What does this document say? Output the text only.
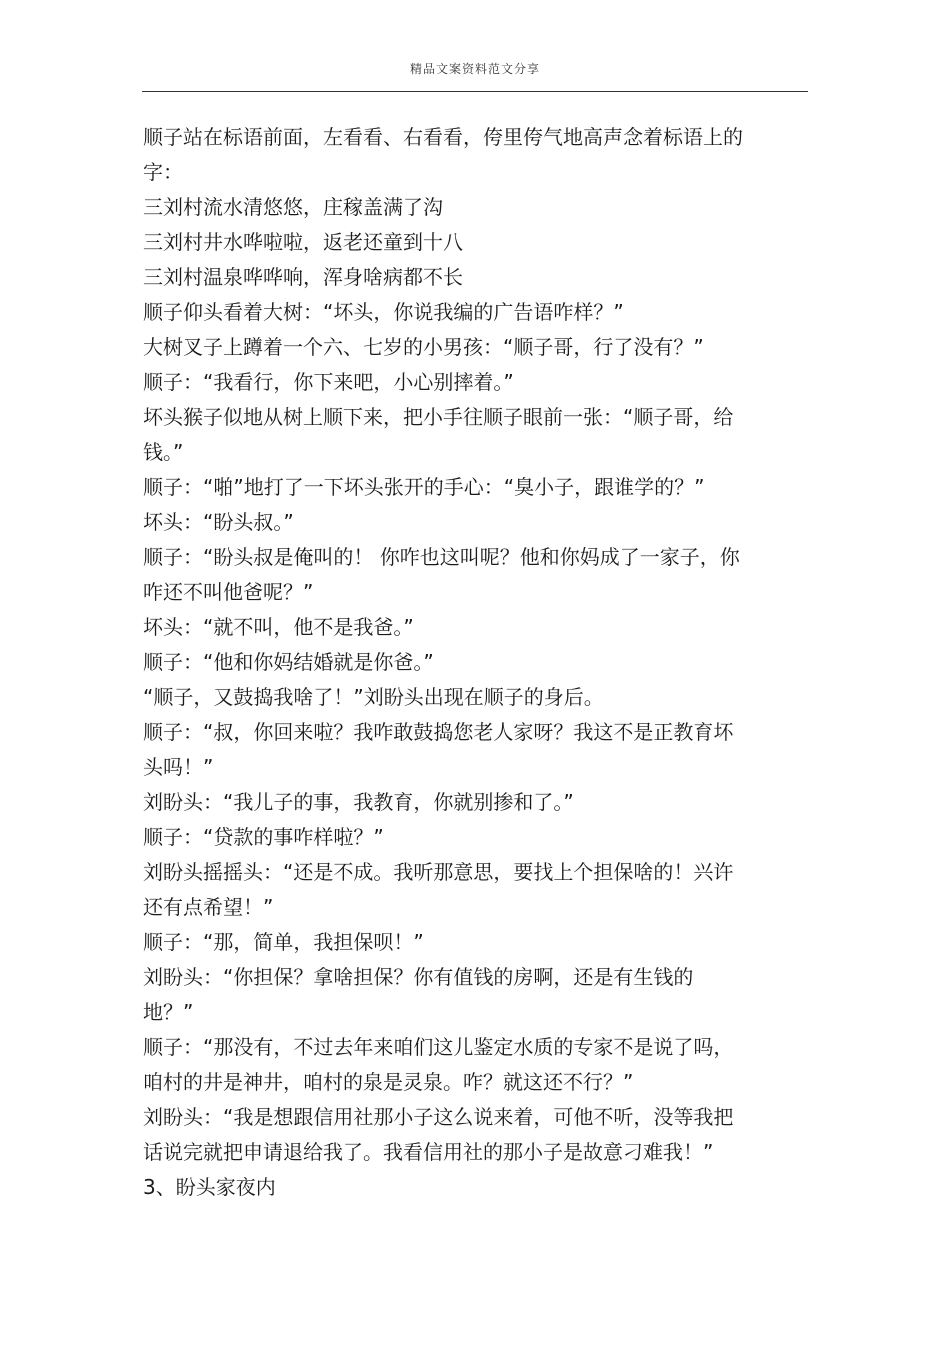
精品文案资料范文分享
顺子站在标语前面，左看看、右看看，侉里侉气地高声念着标语上的
字：
三刘村流水清悠悠，庄稼盖满了沟
三刘村井水哗啦啦，返老还童到十八
三刘村温泉哗哗响，浑身啥病都不长
顺子仰头看着大树：“坏头，你说我编的广告语咋样？”
大树叉子上蹲着一个六、七岁的小男孩：“顺子哥，行了没有？”
顺子：“我看行，你下来吧，小心别摔着。”
坏头猴子似地从树上顺下来，把小手往顺子眼前一张：“顺子哥，给
钱。”
顺子：“啪”地打了一下坏头张开的手心：“臭小子，跟谁学的？”
坏头：“盼头叔。”
顺子：“盼头叔是俺叫的！ 你咋也这叫呢？他和你妈成了一家子，你
咋还不叫他爸呢？”
坏头：“就不叫，他不是我爸。”
顺子：“他和你妈结婚就是你爸。”
“顺子，又鼓捣我啥了！”刘盼头出现在顺子的身后。
顺子：“叔，你回来啦？我咋敢鼓捣您老人家呀？我这不是正教育坏
头吗！”
刘盼头：“我儿子的事，我教育，你就别掺和了。”
顺子：“贷款的事咋样啦？”
刘盼头摇摇头：“还是不成。我听那意思，要找上个担保啥的！兴许
还有点希望！”
顺子：“那，简单，我担保呗！”
刘盼头：“你担保？拿啥担保？你有值钱的房啊，还是有生钱的
地？”
顺子：“那没有，不过去年来咱们这儿鉴定水质的专家不是说了吗，
咱村的井是神井，咱村的泉是灵泉。咋？就这还不行？”
刘盼头：“我是想跟信用社那小子这么说来着，可他不听，没等我把
话说完就把申请退给我了。我看信用社的那小子是故意刁难我！”
3、盼头家夜内
